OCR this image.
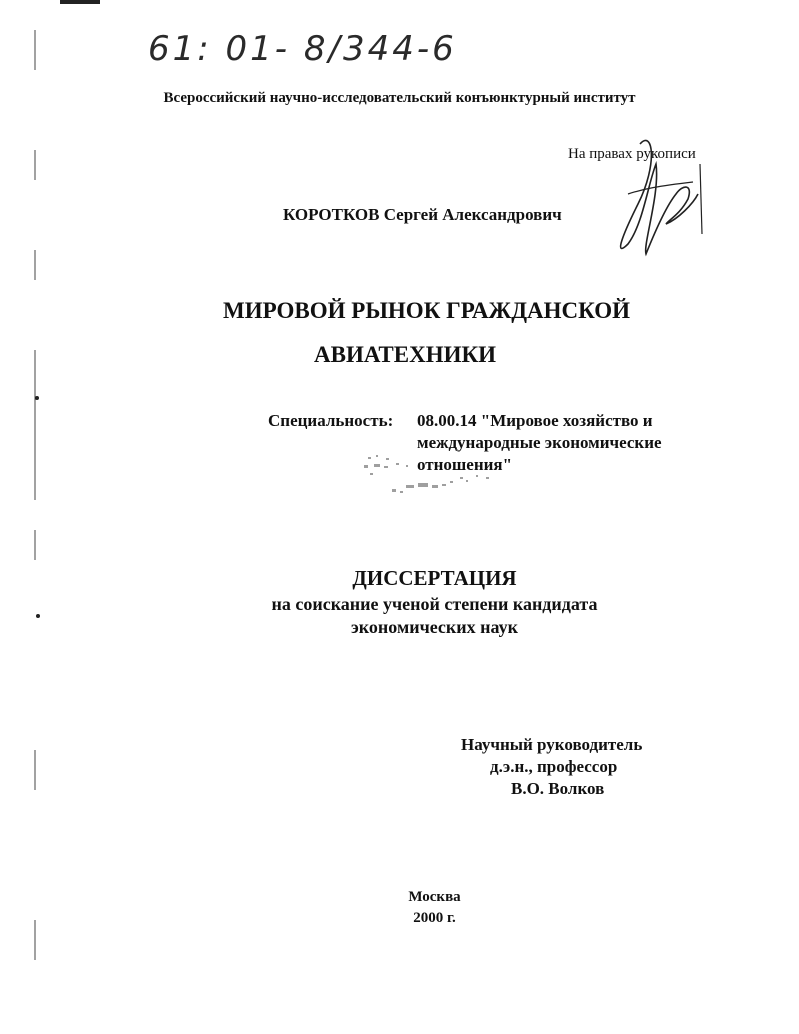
61: 01- 8/344-6
Всероссийский научно-исследовательский конъюнктурный институт
На правах рукописи
КОРОТКОВ Сергей Александрович
МИРОВОЙ РЫНОК ГРАЖДАНСКОЙ
АВИАТЕХНИКИ
Специальность: 08.00.14 "Мировое хозяйство и
международные экономические
отношения"
ДИССЕРТАЦИЯ
на соискание ученой степени кандидата
экономических наук
Научный руководитель
д.э.н., профессор
В.О. Волков
Москва
2000 г.
